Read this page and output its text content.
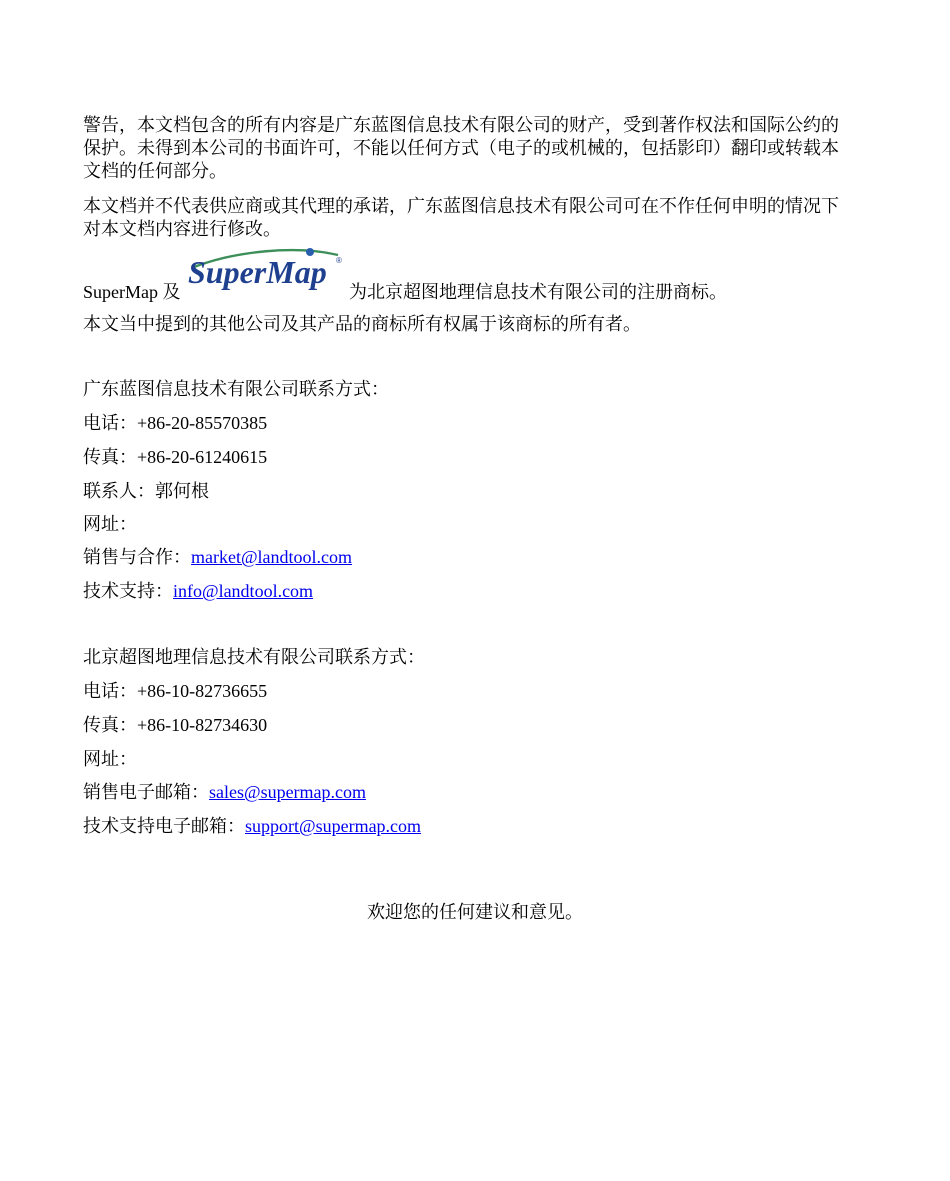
警告，本文档包含的所有内容是广东蓝图信息技术有限公司的财产，受到著作权法和国际公约的保护。未得到本公司的书面许可，不能以任何方式（电子的或机械的，包括影印）翻印或转载本文档的任何部分。

本文档并不代表供应商或其代理的承诺，广东蓝图信息技术有限公司可在不作任何申明的情况下对本文档内容进行修改。

SuperMap 及
SuperMap ®
为北京超图地理信息技术有限公司的注册商标。

本文当中提到的其他公司及其产品的商标所有权属于该商标的所有者。

广东蓝图信息技术有限公司联系方式：
电话：+86-20-85570385
传真：+86-20-61240615
联系人：郭何根
网址：
销售与合作：market@landtool.com
技术支持：info@landtool.com
北京超图地理信息技术有限公司联系方式：
电话：+86-10-82736655
传真：+86-10-82734630
网址：
销售电子邮箱：sales@supermap.com
技术支持电子邮箱：support@supermap.com
欢迎您的任何建议和意见。
